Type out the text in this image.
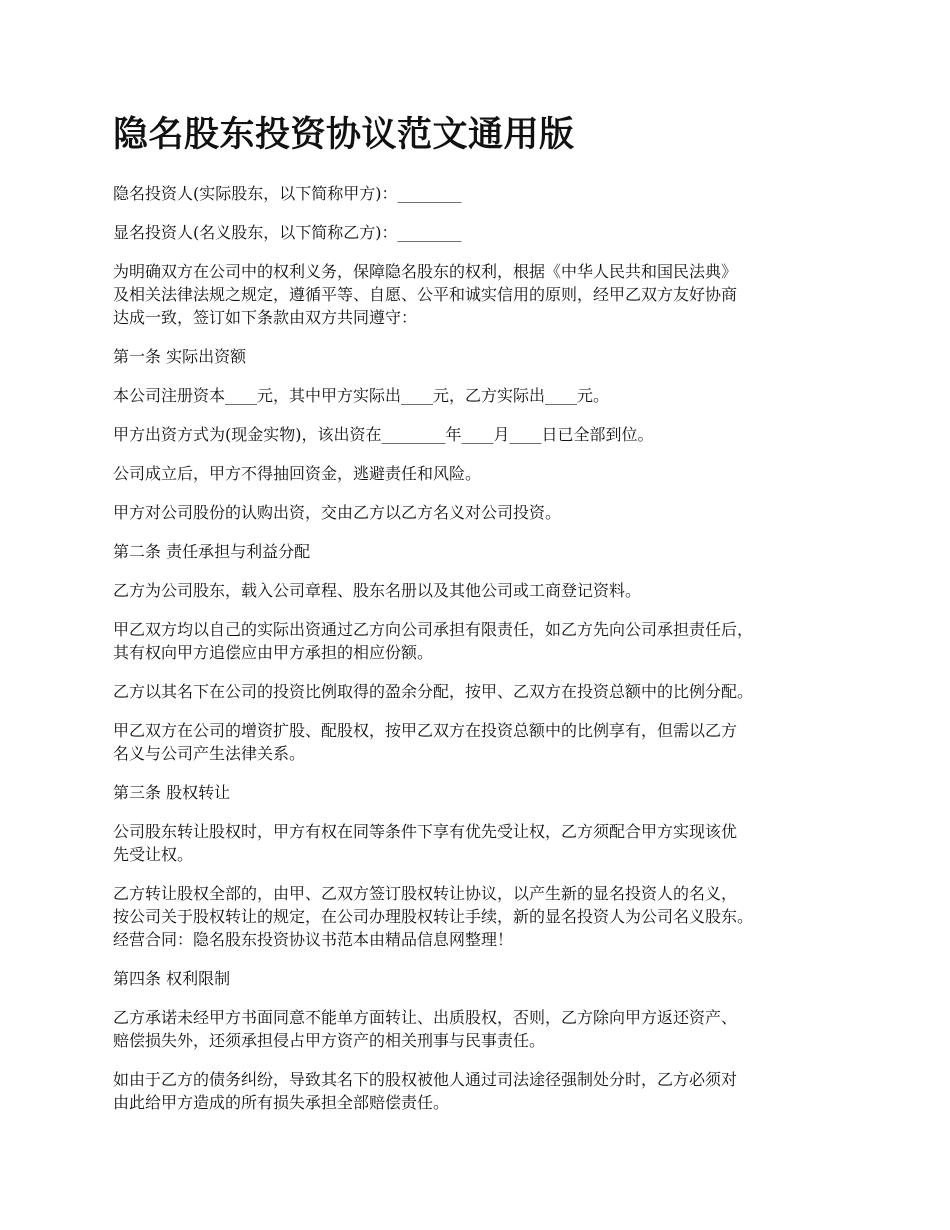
隐名股东投资协议范文通用版

隐名投资人(实际股东，以下简称甲方)：________

显名投资人(名义股东，以下简称乙方)：________

为明确双方在公司中的权利义务，保障隐名股东的权利，根据《中华人民共和国民法典》
及相关法律法规之规定，遵循平等、自愿、公平和诚实信用的原则，经甲乙双方友好协商
达成一致，签订如下条款由双方共同遵守：

第一条 实际出资额

本公司注册资本____元，其中甲方实际出____元，乙方实际出____元。

甲方出资方式为(现金实物)，该出资在________年____月____日已全部到位。

公司成立后，甲方不得抽回资金，逃避责任和风险。

甲方对公司股份的认购出资，交由乙方以乙方名义对公司投资。

第二条 责任承担与利益分配

乙方为公司股东，载入公司章程、股东名册以及其他公司或工商登记资料。

甲乙双方均以自己的实际出资通过乙方向公司承担有限责任，如乙方先向公司承担责任后，
其有权向甲方追偿应由甲方承担的相应份额。

乙方以其名下在公司的投资比例取得的盈余分配，按甲、乙双方在投资总额中的比例分配。

甲乙双方在公司的增资扩股、配股权，按甲乙双方在投资总额中的比例享有，但需以乙方
名义与公司产生法律关系。

第三条 股权转让

公司股东转让股权时，甲方有权在同等条件下享有优先受让权，乙方须配合甲方实现该优
先受让权。

乙方转让股权全部的，由甲、乙双方签订股权转让协议，以产生新的显名投资人的名义，
按公司关于股权转让的规定，在公司办理股权转让手续，新的显名投资人为公司名义股东。
经营合同：隐名股东投资协议书范本由精品信息网整理！

第四条 权利限制

乙方承诺未经甲方书面同意不能单方面转让、出质股权，否则，乙方除向甲方返还资产、
赔偿损失外，还须承担侵占甲方资产的相关刑事与民事责任。

如由于乙方的债务纠纷，导致其名下的股权被他人通过司法途径强制处分时，乙方必须对
由此给甲方造成的所有损失承担全部赔偿责任。
